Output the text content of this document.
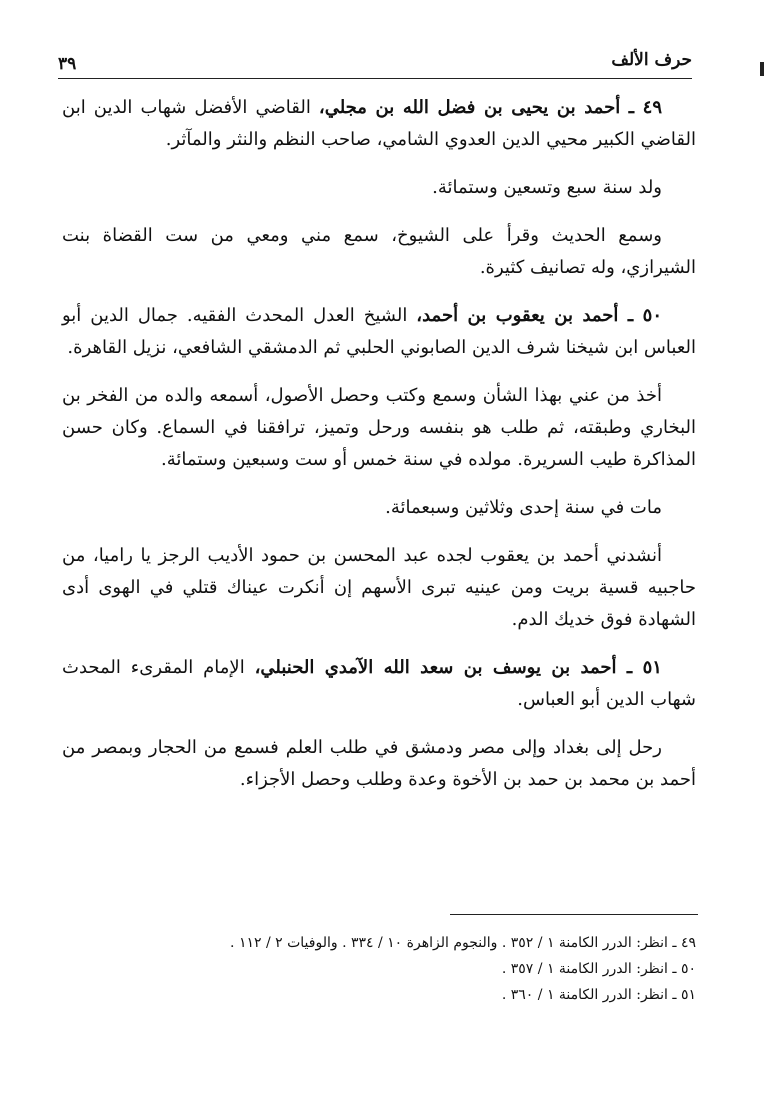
حرف الألف
٣٩

٤٩ ـ أحمد بن يحيى بن فضل الله بن مجلي، القاضي الأفضل شهاب الدين ابن القاضي الكبير محيي الدين العدوي الشامي، صاحب النظم والنثر والمآثر.

ولد سنة سبع وتسعين وستمائة.

وسمع الحديث وقرأ على الشيوخ، سمع مني ومعي من ست القضاة بنت الشيرازي، وله تصانيف كثيرة.

٥٠ ـ أحمد بن يعقوب بن أحمد، الشيخ العدل المحدث الفقيه. جمال الدين أبو العباس ابن شيخنا شرف الدين الصابوني الحلبي ثم الدمشقي الشافعي، نزيل القاهرة.

أخذ من عني بهذا الشأن وسمع وكتب وحصل الأصول، أسمعه والده من الفخر بن البخاري وطبقته، ثم طلب هو بنفسه ورحل وتميز، ترافقنا في السماع. وكان حسن المذاكرة طيب السريرة. مولده في سنة خمس أو ست وسبعين وستمائة.

مات في سنة إحدى وثلاثين وسبعمائة.

أنشدني أحمد بن يعقوب لجده عبد المحسن بن حمود الأديب الرجز يا راميا، من حاجبيه قسية بريت ومن عينيه تبرى الأسهم إن أنكرت عيناك قتلي في الهوى أدى الشهادة فوق خديك الدم.

٥١ ـ أحمد بن يوسف بن سعد الله الآمدي الحنبلي، الإمام المقرىء المحدث شهاب الدين أبو العباس.

رحل إلى بغداد وإلى مصر ودمشق في طلب العلم فسمع من الحجار وبمصر من أحمد بن محمد بن حمد بن الأخوة وعدة وطلب وحصل الأجزاء.

٤٩ ـ انظر: الدرر الكامنة ١ / ٣٥٢ . والنجوم الزاهرة ١٠ / ٣٣٤ . والوفيات ٢ / ١١٢ .
٥٠ ـ انظر: الدرر الكامنة ١ / ٣٥٧ .
٥١ ـ انظر: الدرر الكامنة ١ / ٣٦٠ .
